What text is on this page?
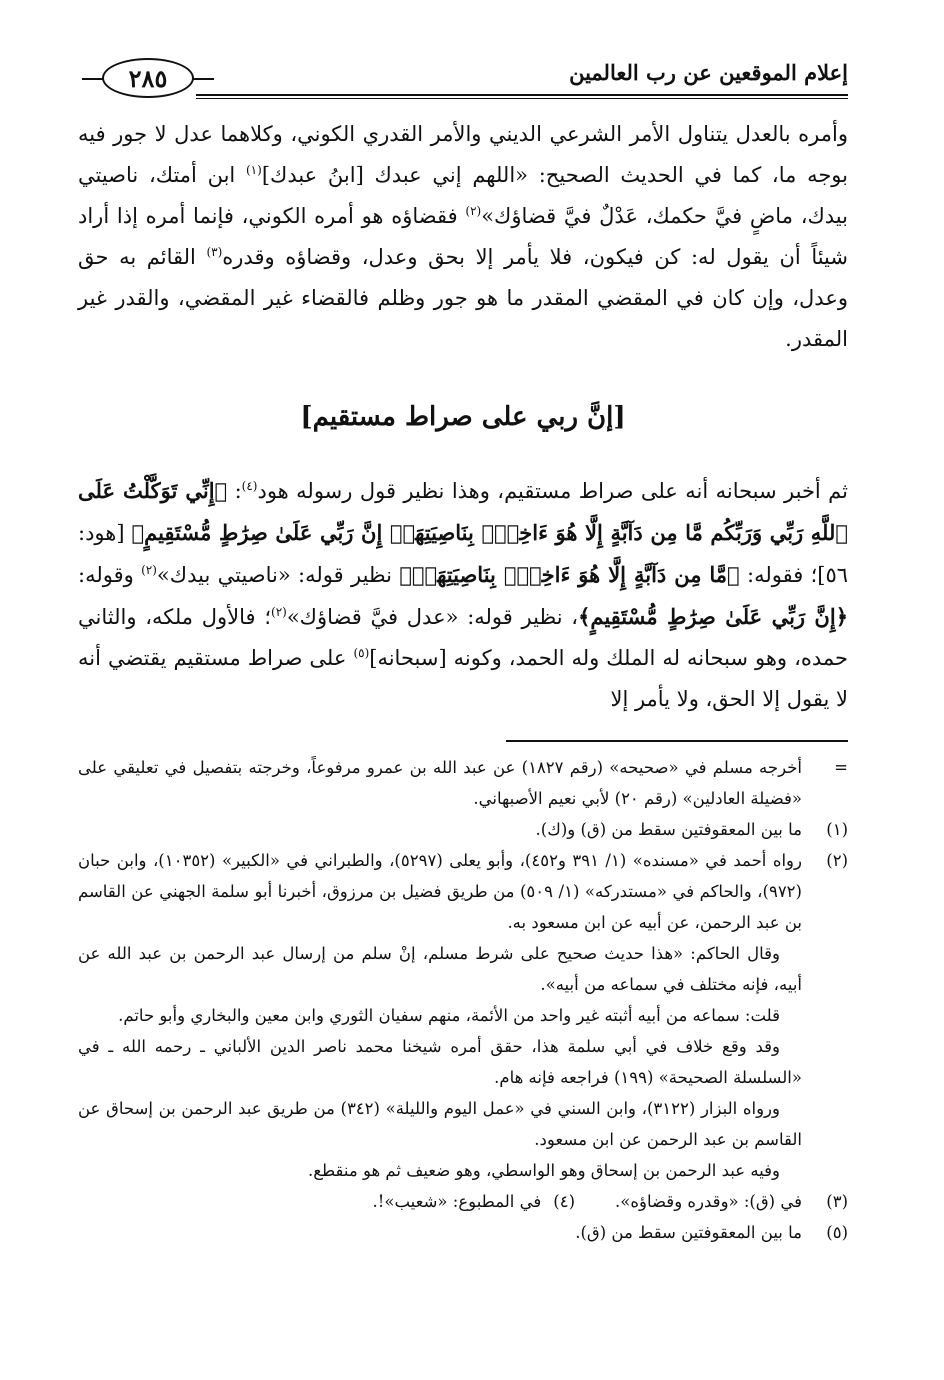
إعلام الموقعين عن رب العالمين
٢٨٥

وأمره بالعدل يتناول الأمر الشرعي الديني والأمر القدري الكوني، وكلاهما عدل لا جور فيه بوجه ما، كما في الحديث الصحيح: «اللهم إني عبدك [ابنُ عبدك]$^{(١)}$ ابن أمتك، ناصيتي بيدك، ماضٍ فيَّ حكمك، عَدْلٌ فيَّ قضاؤك»$^{(٢)}$ فقضاؤه هو أمره الكوني، فإنما أمره إذا أراد شيئاً أن يقول له: كن فيكون، فلا يأمر إلا بحق وعدل، وقضاؤه وقدره$^{(٣)}$ القائم به حق وعدل، وإن كان في المقضي المقدر ما هو جور وظلم فالقضاء غير المقضي، والقدر غير المقدر.

[إنَّ ربي على صراط مستقيم]

ثم أخبر سبحانه أنه على صراط مستقيم، وهذا نظير قول رسوله هود$^{(٤)}$: ﴿إِنِّي تَوَكَّلْتُ عَلَى ٱللَّهِ رَبِّي وَرَبِّكُم مَّا مِن دَآبَّةٍ إِلَّا هُوَ ءَاخِذُۢ بِنَاصِيَتِهَآۚ إِنَّ رَبِّي عَلَىٰ صِرَٰطٍ مُّسْتَقِيمٍ﴾ [هود: ٥٦]؛ فقوله: ﴿مَّا مِن دَآبَّةٍ إِلَّا هُوَ ءَاخِذُۢ بِنَاصِيَتِهَآۚ﴾ نظير قوله: «ناصيتي بيدك»$^{(٢)}$ وقوله: ﴿إِنَّ رَبِّي عَلَىٰ صِرَٰطٍ مُّسْتَقِيمٍ﴾، نظير قوله: «عدل فيَّ قضاؤك»$^{(٢)}$؛ فالأول ملكه، والثاني حمده، وهو سبحانه له الملك وله الحمد، وكونه [سبحانه]$^{(٥)}$ على صراط مستقيم يقتضي أنه لا يقول إلا الحق، ولا يأمر إلا

=
أخرجه مسلم في «صحيحه» (رقم ١٨٢٧) عن عبد الله بن عمرو مرفوعاً، وخرجته بتفصيل في تعليقي على «فضيلة العادلين» (رقم ٢٠) لأبي نعيم الأصبهاني.
(١)
ما بين المعقوفتين سقط من (ق) و(ك).
(٢)
رواه أحمد في «مسنده» (١/ ٣٩١ و٤٥٢)، وأبو يعلى (٥٢٩٧)، والطبراني في «الكبير» (١٠٣٥٢)، وابن حبان (٩٧٢)، والحاكم في «مستدركه» (١/ ٥٠٩) من طريق فضيل بن مرزوق، أخبرنا أبو سلمة الجهني عن القاسم بن عبد الرحمن، عن أبيه عن ابن مسعود به.
وقال الحاكم: «هذا حديث صحيح على شرط مسلم، إنْ سلم من إرسال عبد الرحمن بن عبد الله عن أبيه، فإنه مختلف في سماعه من أبيه».
قلت: سماعه من أبيه أثبته غير واحد من الأئمة، منهم سفيان الثوري وابن معين والبخاري وأبو حاتم.
وقد وقع خلاف في أبي سلمة هذا، حقق أمره شيخنا محمد ناصر الدين الألباني ـ رحمه الله ـ في «السلسلة الصحيحة» (١٩٩) فراجعه فإنه هام.
ورواه البزار (٣١٢٢)، وابن السني في «عمل اليوم والليلة» (٣٤٢) من طريق عبد الرحمن بن إسحاق عن القاسم بن عبد الرحمن عن ابن مسعود.
وفيه عبد الرحمن بن إسحاق وهو الواسطي، وهو ضعيف ثم هو منقطع.
(٣)
في (ق): «وقدره وقضاؤه».
(٤)
في المطبوع: «شعيب»!.
(٥)
ما بين المعقوفتين سقط من (ق).
